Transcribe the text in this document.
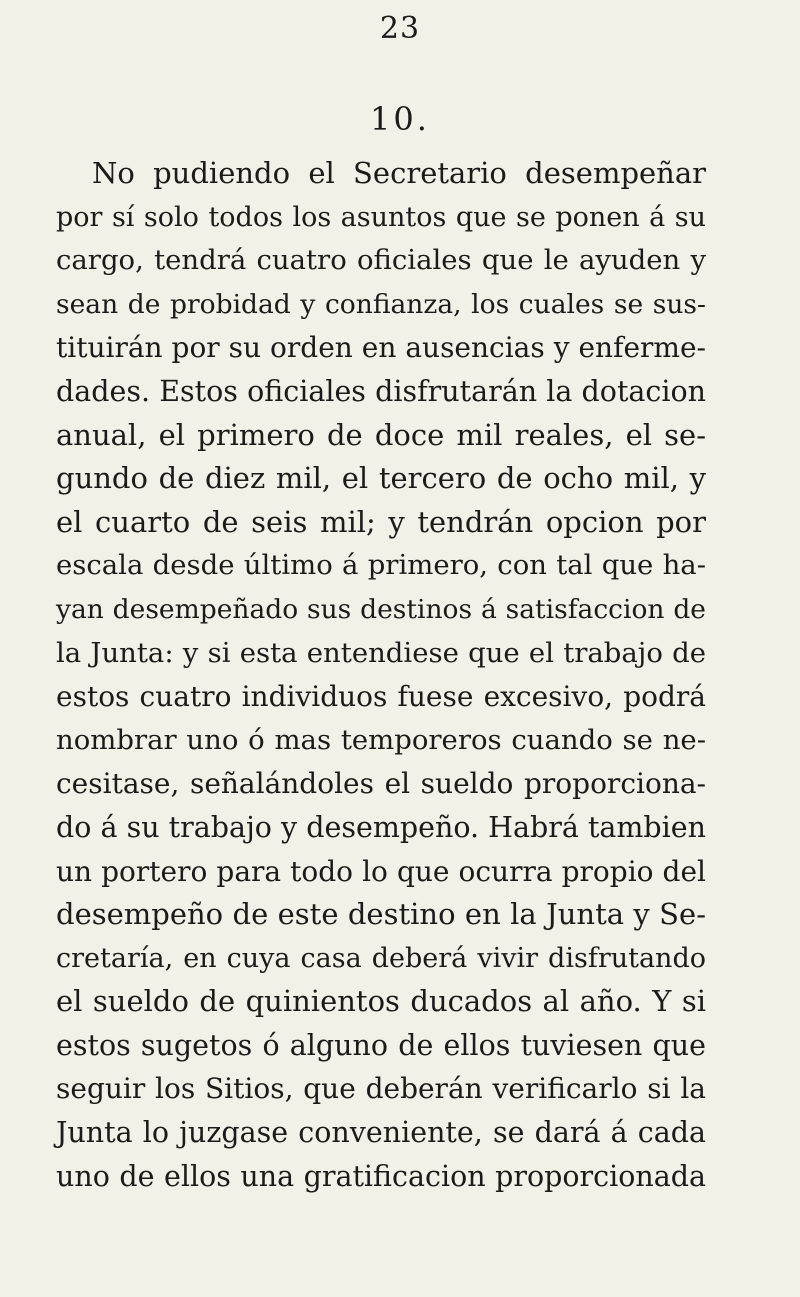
23
10.
No pudiendo el Secretario desempeñar
por sí solo todos los asuntos que se ponen á su
cargo, tendrá cuatro oficiales que le ayuden y
sean de probidad y confianza, los cuales se sus-
tituirán por su orden en ausencias y enferme-
dades. Estos oficiales disfrutarán la dotacion
anual, el primero de doce mil reales, el se-
gundo de diez mil, el tercero de ocho mil, y
el cuarto de seis mil; y tendrán opcion por
escala desde último á primero, con tal que ha-
yan desempeñado sus destinos á satisfaccion de
la Junta: y si esta entendiese que el trabajo de
estos cuatro individuos fuese excesivo, podrá
nombrar uno ó mas temporeros cuando se ne-
cesitase, señalándoles el sueldo proporciona-
do á su trabajo y desempeño. Habrá tambien
un portero para todo lo que ocurra propio del
desempeño de este destino en la Junta y Se-
cretaría, en cuya casa deberá vivir disfrutando
el sueldo de quinientos ducados al año. Y si
estos sugetos ó alguno de ellos tuviesen que
seguir los Sitios, que deberán verificarlo si la
Junta lo juzgase conveniente, se dará á cada
uno de ellos una gratificacion proporcionada
